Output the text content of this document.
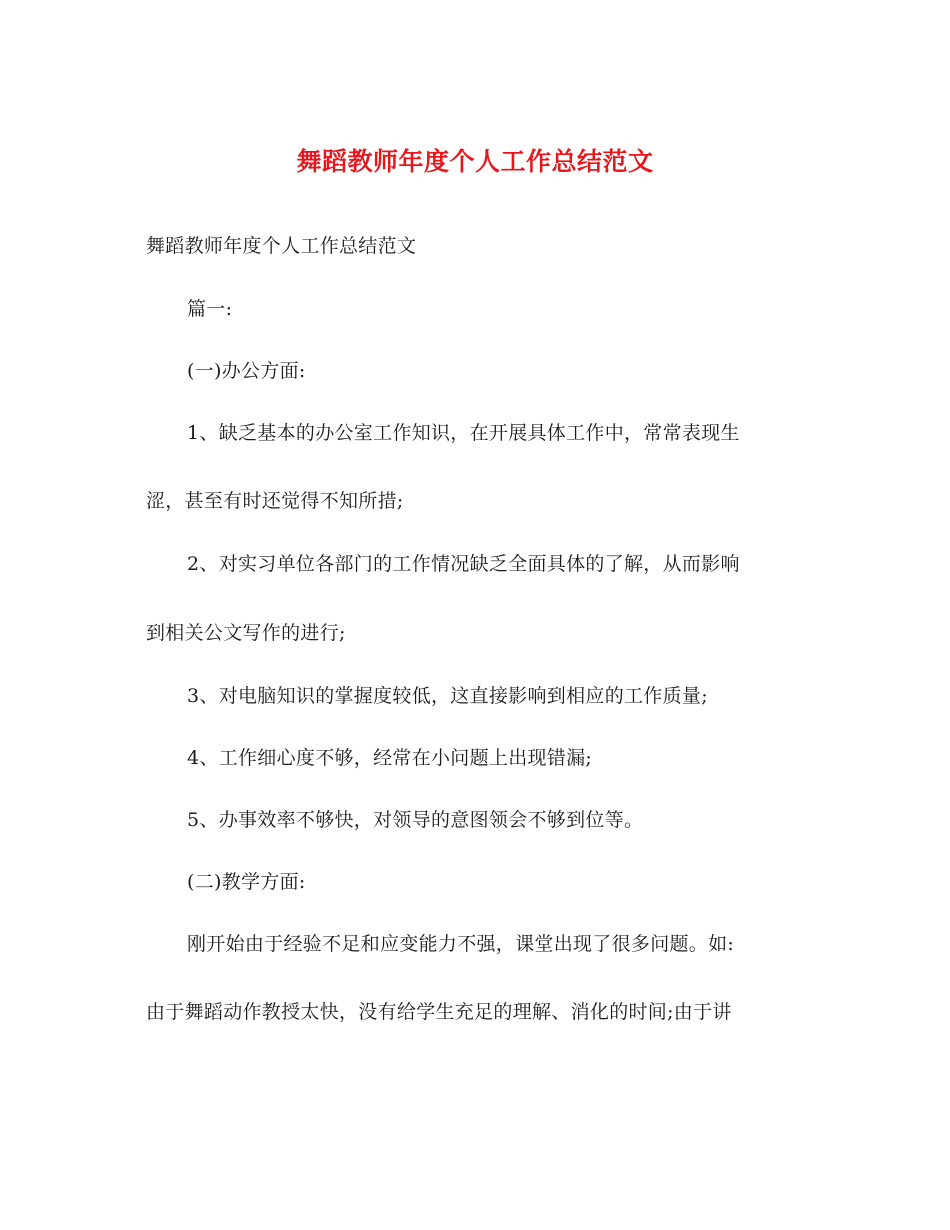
舞蹈教师年度个人工作总结范文
舞蹈教师年度个人工作总结范文
篇一:
(一)办公方面:
1、缺乏基本的办公室工作知识，在开展具体工作中，常常表现生
涩，甚至有时还觉得不知所措;
2、对实习单位各部门的工作情况缺乏全面具体的了解，从而影响
到相关公文写作的进行;
3、对电脑知识的掌握度较低，这直接影响到相应的工作质量;
4、工作细心度不够，经常在小问题上出现错漏;
5、办事效率不够快，对领导的意图领会不够到位等。
(二)教学方面:
刚开始由于经验不足和应变能力不强，课堂出现了很多问题。如:
由于舞蹈动作教授太快，没有给学生充足的理解、消化的时间;由于讲
